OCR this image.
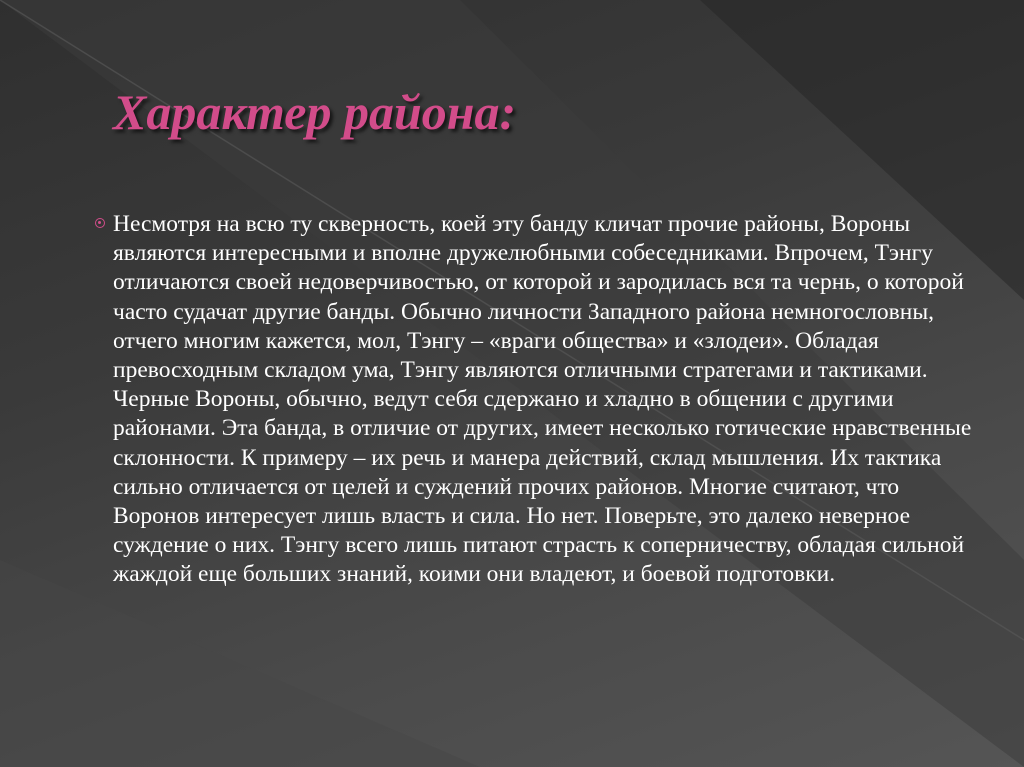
Характер района:

Несмотря на всю ту скверность, коей эту банду кличат прочие районы, Вороны являются интересными и вполне дружелюбными собеседниками. Впрочем, Тэнгу отличаются своей недоверчивостью, от которой и зародилась вся та чернь, о которой часто судачат другие банды. Обычно личности Западного района немногословны, отчего многим кажется, мол, Тэнгу – «враги общества» и «злодеи». Обладая превосходным складом ума, Тэнгу являются отличными стратегами и тактиками. Черные Вороны, обычно, ведут себя сдержано и хладно в общении с другими районами. Эта банда, в отличие от других, имеет несколько готические нравственные склонности. К примеру – их речь и манера действий, склад мышления. Их тактика сильно отличается от целей и суждений прочих районов. Многие считают, что Воронов интересует лишь власть и сила. Но нет. Поверьте, это далеко неверное суждение о них. Тэнгу всего лишь питают страсть к соперничеству, обладая сильной жаждой еще больших знаний, коими они владеют, и боевой подготовки.
